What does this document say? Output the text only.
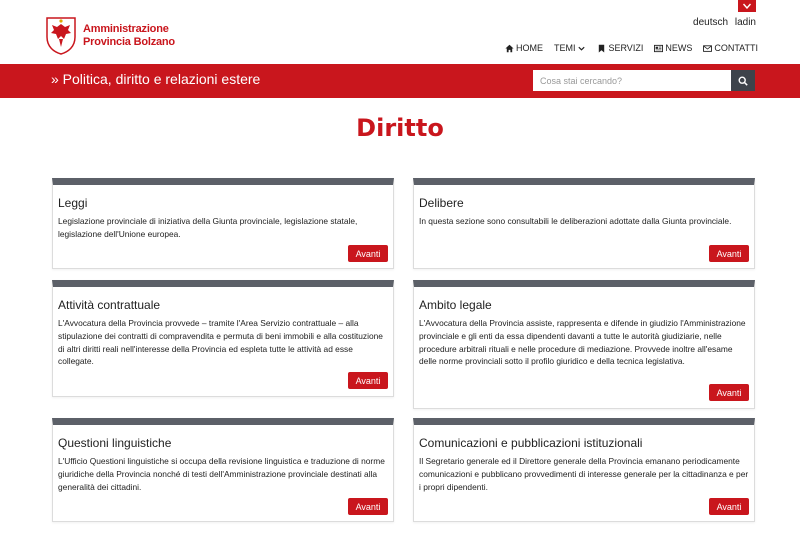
deutsch ladin
Amministrazione
Provincia Bolzano	HOME TEMI	SERVIZI NEWS CONTATTI
» Politica, diritto e relazioni estere
Cosa stai cercando?
Diritto
Leggi
Legislazione provinciale di iniziativa della Giunta provinciale, legislazione statale, legislazione dell'Unione europea.
Avanti
Delibere
In questa sezione sono consultabili le deliberazioni adottate dalla Giunta provinciale.
Avanti
Attività contrattuale
L'Avvocatura della Provincia provvede – tramite l'Area Servizio contrattuale – alla stipulazione dei contratti di compravendita e permuta di beni immobili e alla costituzione di altri diritti reali nell'interesse della Provincia ed espleta tutte le attività ad esse collegate.
Avanti
Ambito legale
L'Avvocatura della Provincia assiste, rappresenta e difende in giudizio l'Amministrazione provinciale e gli enti da essa dipendenti davanti a tutte le autorità giudiziarie, nelle procedure arbitrali rituali e nelle procedure di mediazione. Provvede inoltre all'esame delle norme provinciali sotto il profilo giuridico e della tecnica legislativa.
Avanti
Questioni linguistiche
L'Ufficio Questioni linguistiche si occupa della revisione linguistica e traduzione di norme giuridiche della Provincia nonché di testi dell'Amministrazione provinciale destinati alla generalità dei cittadini.
Avanti
Comunicazioni e pubblicazioni istituzionali
Il Segretario generale ed il Direttore generale della Provincia emanano periodicamente comunicazioni e pubblicano provvedimenti di interesse generale per la cittadinanza e per i propri dipendenti.
Avanti
